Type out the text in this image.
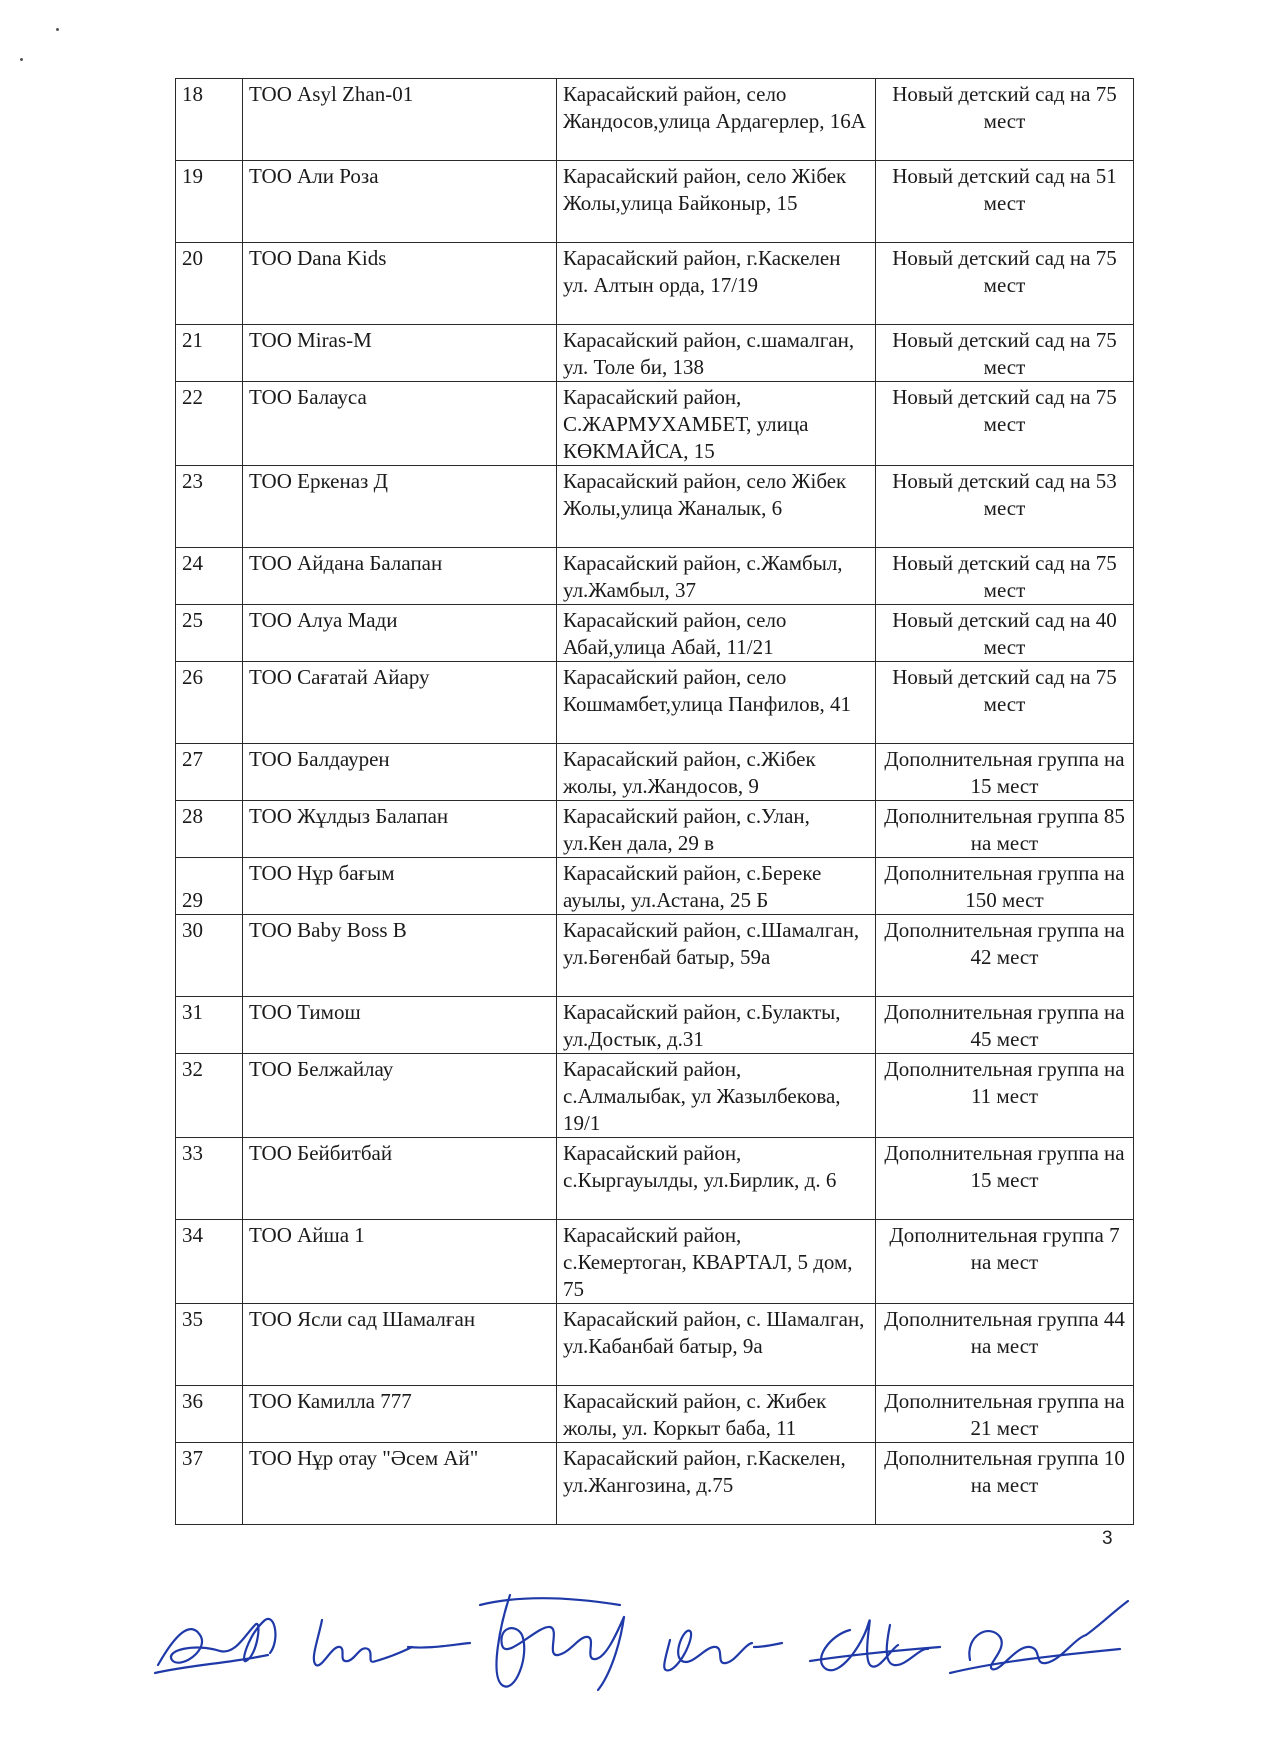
18	ТОО Asyl Zhan-01	Карасайский район, село Жандосов,улица Ардагерлер, 16А	Новый детский сад на 75 мест
19	ТОО Али Роза	Карасайский район, село Жібек Жолы,улица Байконыр, 15	Новый детский сад на 51 мест
20	ТОО Dana Kids	Карасайский район, г.Каскелен ул. Алтын орда, 17/19	Новый детский сад на 75 мест
21	ТОО Miras-M	Карасайский район, с.шамалган, ул. Толе би, 138	Новый детский сад на 75 мест
22	ТОО Балауса	Карасайский район, С.ЖАРМУХАМБЕТ, улица КӨКМАЙСА, 15	Новый детский сад на 75 мест
23	ТОО Еркеназ Д	Карасайский район, село Жібек Жолы,улица Жаналык, 6	Новый детский сад на 53 мест
24	ТОО Айдана Балапан	Карасайский район, с.Жамбыл, ул.Жамбыл, 37	Новый детский сад на 75 мест
25	ТОО Алуа Мади	Карасайский район, село Абай,улица Абай, 11/21	Новый детский сад на 40 мест
26	ТОО Сағатай Айару	Карасайский район, село Кошмамбет,улица Панфилов, 41	Новый детский сад на 75 мест
27	ТОО Балдаурен	Карасайский район, с.Жібек жолы, ул.Жандосов, 9	Дополнительная группа на 15 мест
28	ТОО Жұлдыз Балапан	Карасайский район, с.Улан, ул.Кен дала, 29 в	Дополнительная группа 85 на мест
29	ТОО Нұр бағым	Карасайский район, с.Береке ауылы, ул.Астана, 25 Б	Дополнительная группа на 150 мест
30	ТОО Baby Boss B	Карасайский район, с.Шамалган, ул.Бөгенбай батыр, 59а	Дополнительная группа на 42 мест
31	ТОО Тимош	Карасайский район, с.Булакты, ул.Достык, д.31	Дополнительная группа на 45 мест
32	ТОО Белжайлау	Карасайский район, с.Алмалыбак, ул Жазылбекова, 19/1	Дополнительная группа на 11 мест
33	ТОО Бейбитбай	Карасайский район, с.Кыргауылды, ул.Бирлик, д. 6	Дополнительная группа на 15 мест
34	ТОО Айша 1	Карасайский район, с.Кемертоган, КВАРТАЛ, 5 дом, 75	Дополнительная группа 7 на мест
35	ТОО Ясли сад Шамалған	Карасайский район, с. Шамалган, ул.Кабанбай батыр, 9а	Дополнительная группа 44 на мест
36	ТОО Камилла 777	Карасайский район, с. Жибек жолы, ул. Коркыт баба, 11	Дополнительная группа на 21 мест
37	ТОО Нұр отау "Әсем Ай"	Карасайский район, г.Каскелен, ул.Жангозина, д.75	Дополнительная группа 10 на мест
3
